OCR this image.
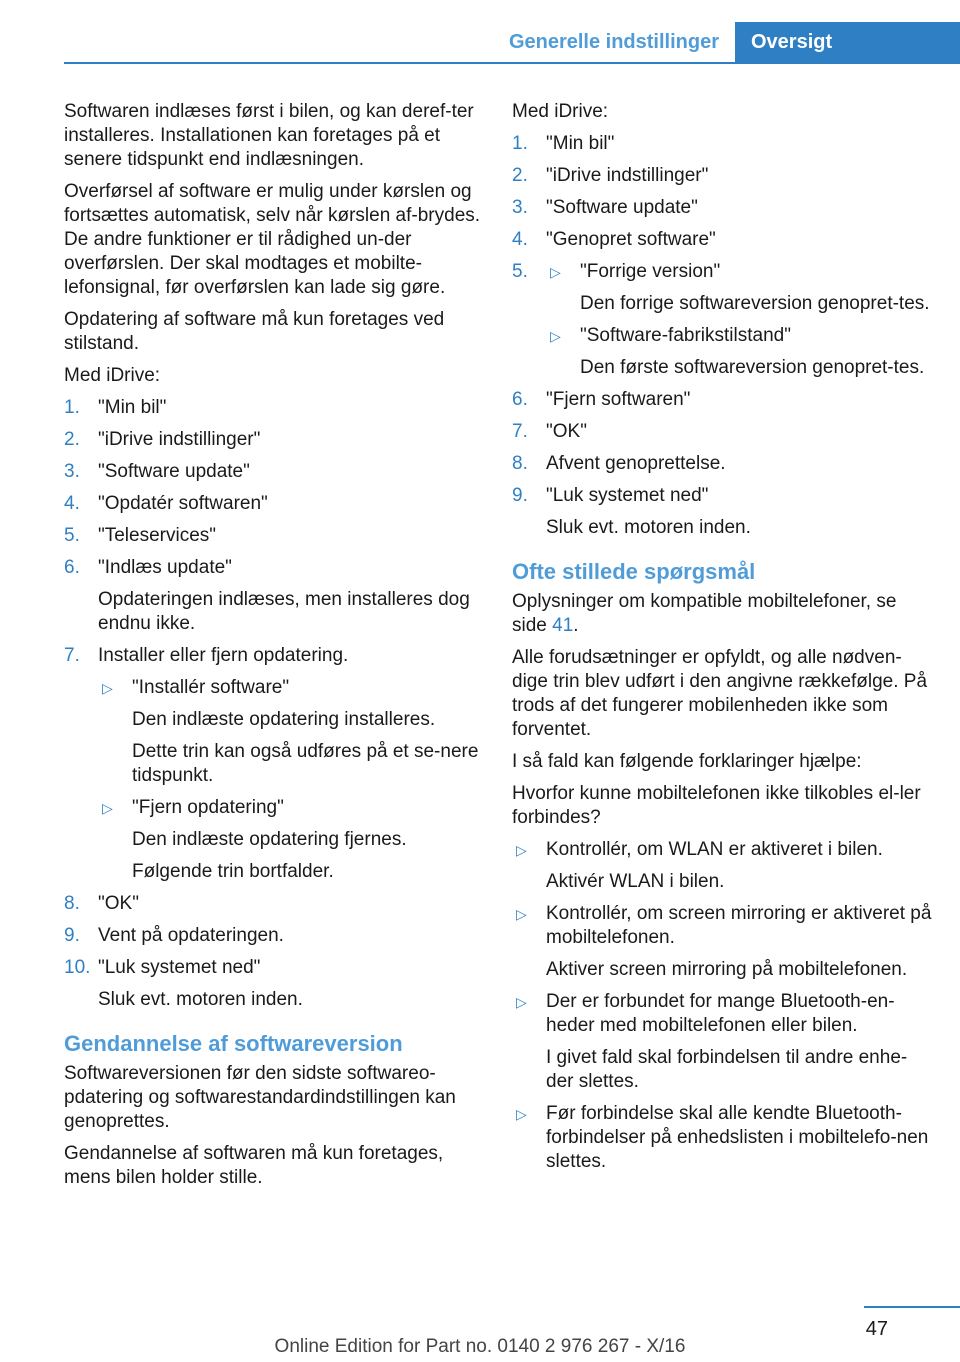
Generelle indstillinger	Oversigt

Softwaren indlæses først i bilen, og kan deref-ter installeres. Installationen kan foretages på et senere tidspunkt end indlæsningen.

Overførsel af software er mulig under kørslen og fortsættes automatisk, selv når kørslen af-brydes. De andre funktioner er til rådighed un-der overførslen. Der skal modtages et mobilte-lefonsignal, før overførslen kan lade sig gøre.

Opdatering af software må kun foretages ved stilstand.

Med iDrive:

1. "Min bil"
2. "iDrive indstillinger"
3. "Software update"
4. "Opdatér softwaren"
5. "Teleservices"
6. "Indlæs update"
Opdateringen indlæses, men installeres dog endnu ikke.
7. Installer eller fjern opdatering.
▷ "Installér software"
Den indlæste opdatering installeres.
Dette trin kan også udføres på et se-nere tidspunkt.
▷ "Fjern opdatering"
Den indlæste opdatering fjernes.
Følgende trin bortfalder.
8. "OK"
9. Vent på opdateringen.
10. "Luk systemet ned"
Sluk evt. motoren inden.
Gendannelse af softwareversion

Softwareversionen før den sidste softwareo-pdatering og softwarestandardindstillingen kan genoprettes.

Gendannelse af softwaren må kun foretages, mens bilen holder stille.

Med iDrive:

1. "Min bil"
2. "iDrive indstillinger"
3. "Software update"
4. "Genopret software"
5. ▷ "Forrige version"
Den forrige softwareversion genopret-tes.
▷ "Software-fabrikstilstand"
Den første softwareversion genopret-tes.
6. "Fjern softwaren"
7. "OK"
8. Afvent genoprettelse.
9. "Luk systemet ned"
Sluk evt. motoren inden.
Ofte stillede spørgsmål

Oplysninger om kompatible mobiltelefoner, se side 41.

Alle forudsætninger er opfyldt, og alle nødven-dige trin blev udført i den angivne rækkefølge. På trods af det fungerer mobilenheden ikke som forventet.

I så fald kan følgende forklaringer hjælpe:

Hvorfor kunne mobiltelefonen ikke tilkobles el-ler forbindes?

▷ Kontrollér, om WLAN er aktiveret i bilen.
Aktivér WLAN i bilen.
▷ Kontrollér, om screen mirroring er aktiveret på mobiltelefonen.
Aktiver screen mirroring på mobiltelefonen.
▷ Der er forbundet for mange Bluetooth-en-heder med mobiltelefonen eller bilen.
I givet fald skal forbindelsen til andre enhe-der slettes.
▷ Før forbindelse skal alle kendte Bluetooth-forbindelser på enhedslisten i mobiltelefo-nen slettes.
47
Online Edition for Part no. 0140 2 976 267 - X/16
